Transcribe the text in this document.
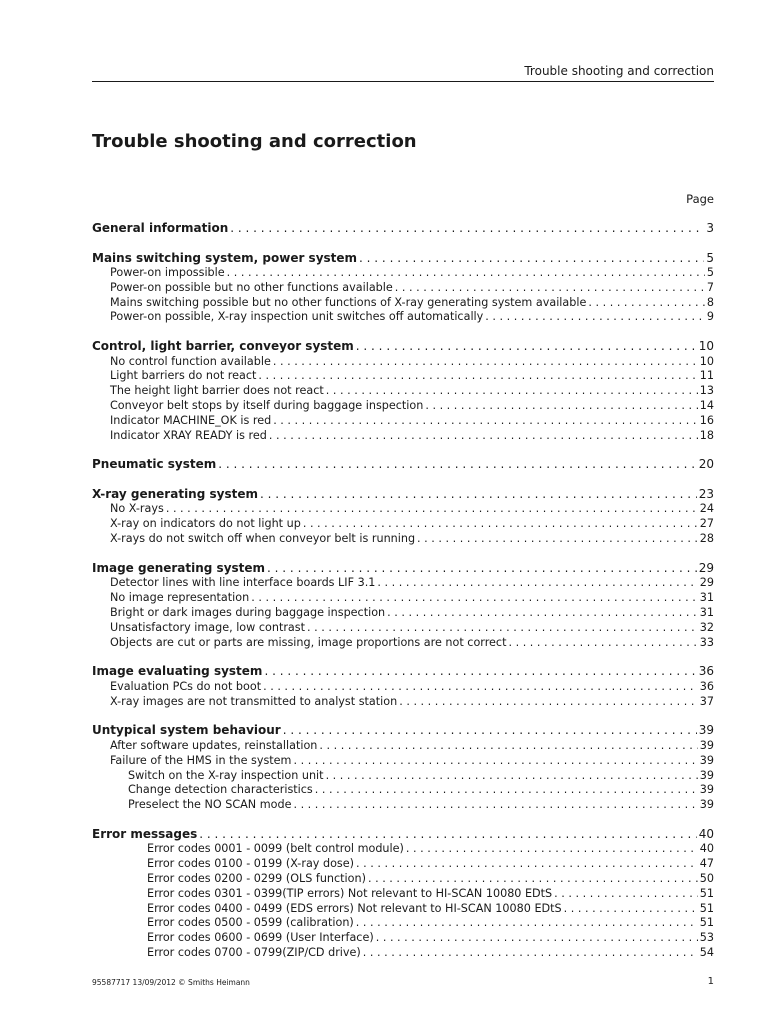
Trouble shooting and correction
Trouble shooting and correction
Page
General information . . .	3
Mains switching system, power system . . .	5
Power-on impossible . . .	5
Power-on possible but no other functions available . . .	7
Mains switching possible but no other functions of X-ray generating system available . . .	8
Power-on possible, X-ray inspection unit switches off automatically . . .	9
Control, light barrier, conveyor system . . .	10
No control function available . . .	10
Light barriers do not react . . .	11
The height light barrier does not react . . .	13
Conveyor belt stops by itself during baggage inspection . . .	14
Indicator MACHINE_OK is red . . .	16
Indicator XRAY READY is red . . .	18
Pneumatic system . . .	20
X-ray generating system . . .	23
No X-rays . . .	24
X-ray on indicators do not light up . . .	27
X-rays do not switch off when conveyor belt is running . . .	28
Image generating system . . .	29
Detector lines with line interface boards LIF 3.1 . . .	29
No image representation . . .	31
Bright or dark images during baggage inspection . . .	31
Unsatisfactory image, low contrast . . .	32
Objects are cut or parts are missing, image proportions are not correct . . .	33
Image evaluating system . . .	36
Evaluation PCs do not boot . . .	36
X-ray images are not transmitted to analyst station . . .	37
Untypical system behaviour . . .	39
After software updates, reinstallation . . .	39
Failure of the HMS in the system . . .	39
Switch on the X-ray inspection unit . . .	39
Change detection characteristics . . .	39
Preselect the NO SCAN mode . . .	39
Error messages . . .	40
Error codes 0001 - 0099 (belt control module) . . .	40
Error codes 0100 - 0199 (X-ray dose) . . .	47
Error codes 0200 - 0299 (OLS function) . . .	50
Error codes 0301 - 0399(TIP errors) Not relevant to HI-SCAN 10080 EDtS . . .	51
Error codes 0400 - 0499 (EDS errors) Not relevant to HI-SCAN 10080 EDtS . . .	51
Error codes 0500 - 0599 (calibration) . . .	51
Error codes 0600 - 0699 (User Interface) . . .	53
Error codes 0700 - 0799(ZIP/CD drive) . . .	54
95587717 13/09/2012 © Smiths Heimann	1
